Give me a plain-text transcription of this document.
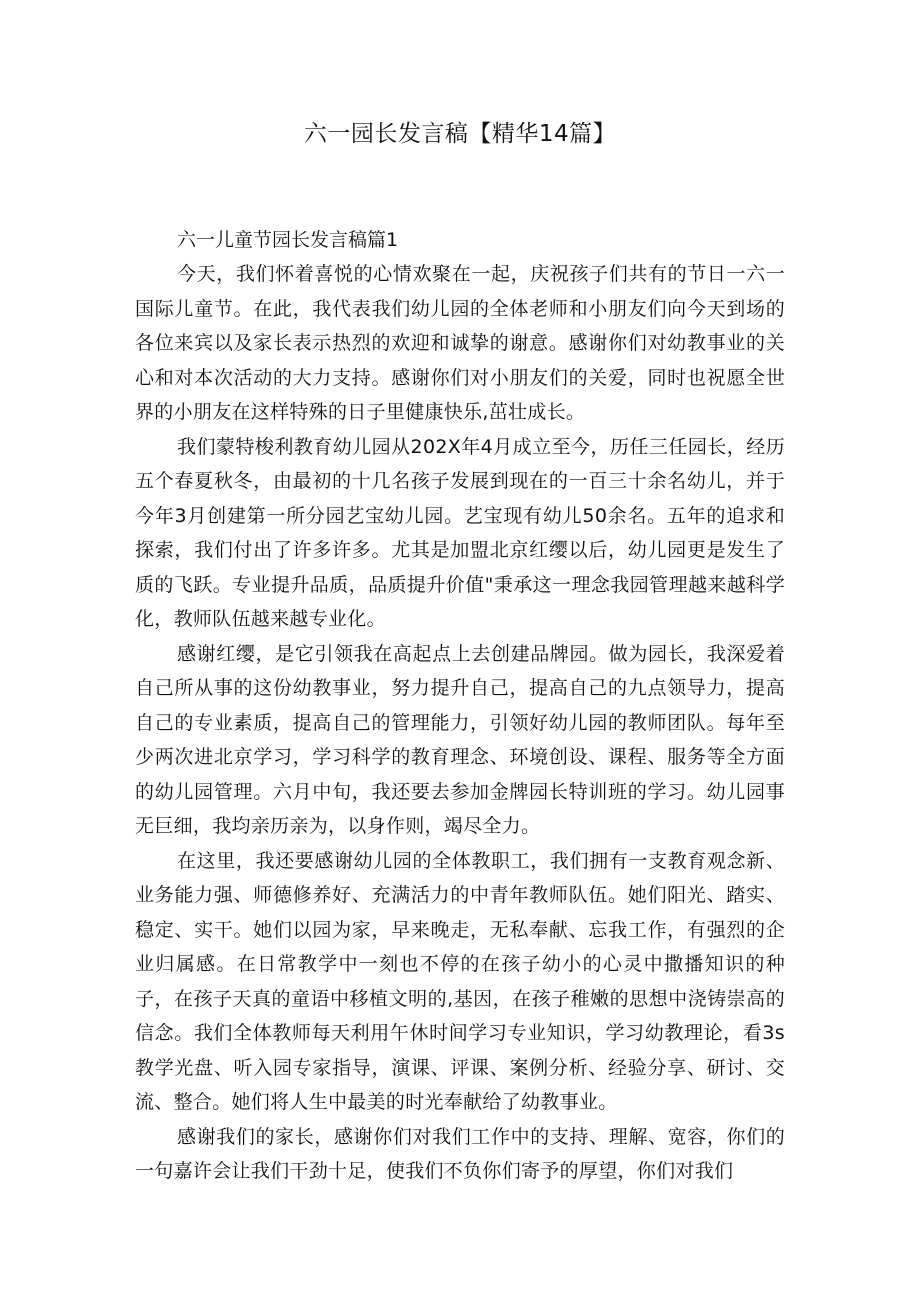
六一园长发言稿【精华14篇】

六一儿童节园长发言稿篇1

今天，我们怀着喜悦的心情欢聚在一起，庆祝孩子们共有的节日一六一国际儿童节。在此，我代表我们幼儿园的全体老师和小朋友们向今天到场的各位来宾以及家长表示热烈的欢迎和诚挚的谢意。感谢你们对幼教事业的关心和对本次活动的大力支持。感谢你们对小朋友们的关爱，同时也祝愿全世界的小朋友在这样特殊的日子里健康快乐,茁壮成长。

我们蒙特梭利教育幼儿园从202X年4月成立至今，历任三任园长，经历五个春夏秋冬，由最初的十几名孩子发展到现在的一百三十余名幼儿，并于今年3月创建第一所分园艺宝幼儿园。艺宝现有幼儿50余名。五年的追求和探索，我们付出了许多许多。尤其是加盟北京红缨以后，幼儿园更是发生了质的飞跃。专业提升品质，品质提升价值"秉承这一理念我园管理越来越科学化，教师队伍越来越专业化。

感谢红缨，是它引领我在高起点上去创建品牌园。做为园长，我深爱着自己所从事的这份幼教事业，努力提升自己，提高自己的九点领导力，提高自己的专业素质，提高自己的管理能力，引领好幼儿园的教师团队。每年至少两次进北京学习，学习科学的教育理念、环境创设、课程、服务等全方面的幼儿园管理。六月中旬，我还要去参加金牌园长特训班的学习。幼儿园事无巨细，我均亲历亲为，以身作则，竭尽全力。

在这里，我还要感谢幼儿园的全体教职工，我们拥有一支教育观念新、业务能力强、师德修养好、充满活力的中青年教师队伍。她们阳光、踏实、稳定、实干。她们以园为家，早来晚走，无私奉献、忘我工作，有强烈的企业归属感。在日常教学中一刻也不停的在孩子幼小的心灵中撒播知识的种子，在孩子天真的童语中移植文明的,基因，在孩子稚嫩的思想中浇铸崇高的信念。我们全体教师每天利用午休时间学习专业知识，学习幼教理论，看3s教学光盘、听入园专家指导，演课、评课、案例分析、经验分享、研讨、交流、整合。她们将人生中最美的时光奉献给了幼教事业。

感谢我们的家长，感谢你们对我们工作中的支持、理解、宽容，你们的一句嘉许会让我们干劲十足，使我们不负你们寄予的厚望，你们对我们
